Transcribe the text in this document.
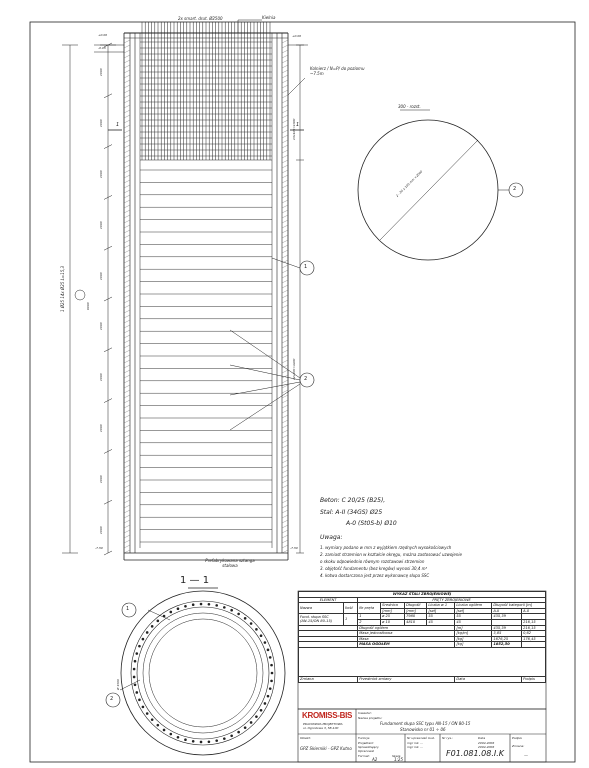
2x smart. drut. Ø2500	Kielnia
+0.00
-0.05
+0.00
Kolnierz / N=P/ do poziomu ~7.5m
1	1
13x100=1300
22x200=4400
-7.50	-7.50
6000
1 Ø25 14x Ø25 L=15,3
1000
1000
1000
1000
1000
1000
1000
1000
1000
1000
1
2
300 - rozst.
2 - 20 x 100 mm =2000	2
Prefabrykowana sztanga stalowa
1 — 1
1
2
Ø 1500
Beton: C 20/25 (B25),
Stal: A-II (34GS) Ø25
A-0 (St0S-b) Ø10
Uwaga:
1. wymiary podano w mm z wyjątkiem rzędnych wysokościowych
2. zamiast strzemion w kształcie okręgu, można zastosować uzwojenie
o skoku odpowiednio równym rozstawowi strzemion
3. objętość fundamentu (bez kregów) wynosi 30,4 m³
4. kotwa dostarczona jest przez wykonawcę słupa SSC
WYKAZ STALI ZBROJENIOWEJ								
ELEMENT		PRĘTY ZBROJENIOWE						
Nazwa	Ilość	Nr pręta	Średnica	Długość	Liczba w 1	Liczba ogółem	Długość kategorii [m]	
			[mm]	[mm]	[szt]	[szt]	A-II	A-0
Fund. słupa SSC
(AN-15/ON 80-15)	1	1	ø 25	7980	55	55	435,39	
		2	ø 10	4810	45	45		216,15
		Długość ogółem				[m]	435,39	216,15
		Masa jednostkowa				[kg/m]	3,85	0,62
		Masa				[kg]	1676,25	176,45
		MASA OGÓŁEM				[kg]	1852,50	

Zmiana		Przedmiot zmiany				Data		Podpis
KROMISS-BIS
PRACOWNIA PROJEKTOWA
ul. Ogrodowa 3, 58-100
Inwestor:
Nazwa projektu:
Fundament słupa SSC typu AN-15 / ON 80-15
Stanowisko nr 01 ÷ 06
Obiekt:
GPZ Skierniki - GPZ Kutno
Funkcja	Nr uprawnień bud.	Data	Podpis
Projektant	mgr inż. ...	2004.2006
Sprawdzający	mgr inż. ...	2004.2006
Opracował
Format:
A2
Skala:
1:25
Nr rys.:
F01.081.08.I.K
Zmiana:
—
